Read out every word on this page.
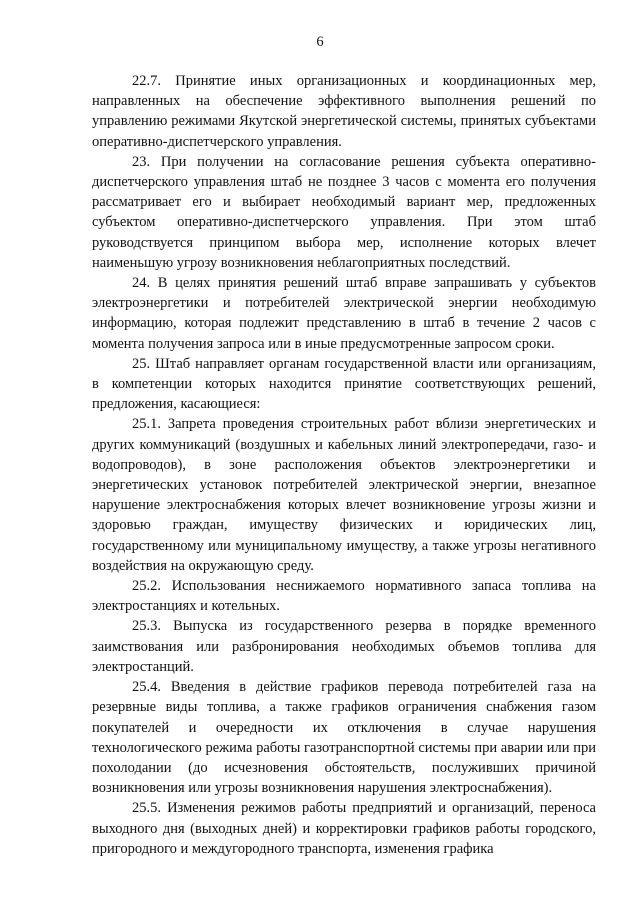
6

22.7. Принятие иных организационных и координационных мер, направленных на обеспечение эффективного выполнения решений по управлению режимами Якутской энергетической системы, принятых субъектами оперативно-диспетчерского управления.

23. При получении на согласование решения субъекта оперативно-диспетчерского управления штаб не позднее 3 часов с момента его получения рассматривает его и выбирает необходимый вариант мер, предложенных субъектом оперативно-диспетчерского управления. При этом штаб руководствуется принципом выбора мер, исполнение которых влечет наименьшую угрозу возникновения неблагоприятных последствий.

24. В целях принятия решений штаб вправе запрашивать у субъектов электроэнергетики и потребителей электрической энергии необходимую информацию, которая подлежит представлению в штаб в течение 2 часов с момента получения запроса или в иные предусмотренные запросом сроки.

25. Штаб направляет органам государственной власти или организациям, в компетенции которых находится принятие соответствующих решений, предложения, касающиеся:

25.1. Запрета проведения строительных работ вблизи энергетических и других коммуникаций (воздушных и кабельных линий электропередачи, газо- и водопроводов), в зоне расположения объектов электроэнергетики и энергетических установок потребителей электрической энергии, внезапное нарушение электроснабжения которых влечет возникновение угрозы жизни и здоровью граждан, имуществу физических и юридических лиц, государственному или муниципальному имуществу, а также угрозы негативного воздействия на окружающую среду.

25.2. Использования неснижаемого нормативного запаса топлива на электростанциях и котельных.

25.3. Выпуска из государственного резерва в порядке временного заимствования или разбронирования необходимых объемов топлива для электростанций.

25.4. Введения в действие графиков перевода потребителей газа на резервные виды топлива, а также графиков ограничения снабжения газом покупателей и очередности их отключения в случае нарушения технологического режима работы газотранспортной системы при аварии или при похолодании (до исчезновения обстоятельств, послуживших причиной возникновения или угрозы возникновения нарушения электроснабжения).

25.5. Изменения режимов работы предприятий и организаций, переноса выходного дня (выходных дней) и корректировки графиков работы городского, пригородного и междугородного транспорта, изменения графика
